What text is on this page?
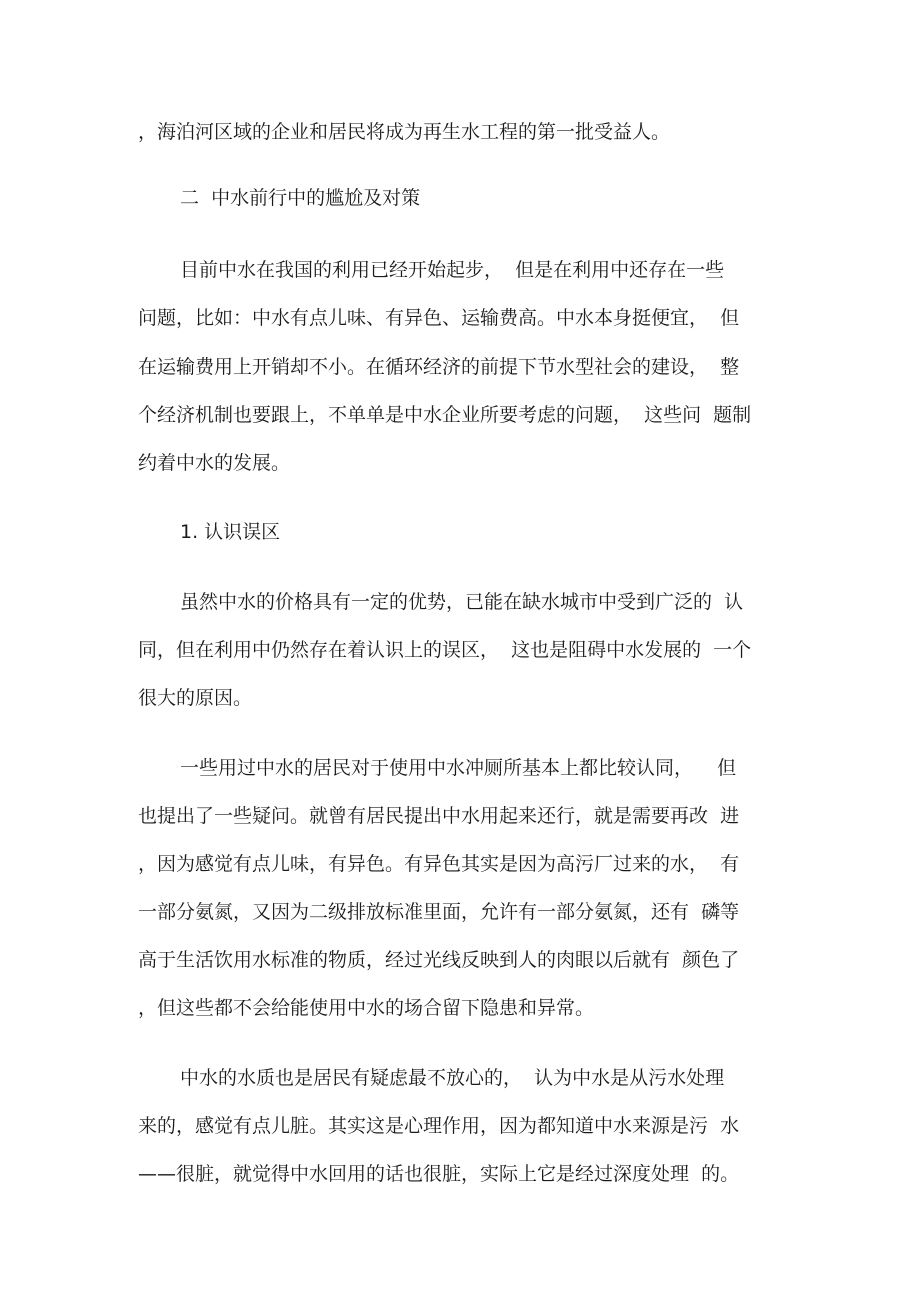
，海泊河区域的企业和居民将成为再生水工程的第一批受益人。
二  中水前行中的尴尬及对策
目前中水在我国的利用已经开始起步，  但是在利用中还存在一些
问题，比如：中水有点儿味、有异色、运输费高。中水本身挺便宜，  但
在运输费用上开销却不小。在循环经济的前提下节水型社会的建设，  整
个经济机制也要跟上，不单单是中水企业所要考虑的问题，  这些问  题制
约着中水的发展。
1. 认识误区
虽然中水的价格具有一定的优势，已能在缺水城市中受到广泛的  认
同，但在利用中仍然存在着认识上的误区，  这也是阻碍中水发展的  一个
很大的原因。
一些用过中水的居民对于使用中水冲厕所基本上都比较认同，    但
也提出了一些疑问。就曾有居民提出中水用起来还行，就是需要再改  进
，因为感觉有点儿味，有异色。有异色其实是因为高污厂过来的水，  有
一部分氨氮，又因为二级排放标准里面，允许有一部分氨氮，还有  磷等
高于生活饮用水标准的物质，经过光线反映到人的肉眼以后就有  颜色了
，但这些都不会给能使用中水的场合留下隐患和异常。
中水的水质也是居民有疑虑最不放心的，  认为中水是从污水处理
来的，感觉有点儿脏。其实这是心理作用，因为都知道中水来源是污  水
——很脏，就觉得中水回用的话也很脏，实际上它是经过深度处理  的。
